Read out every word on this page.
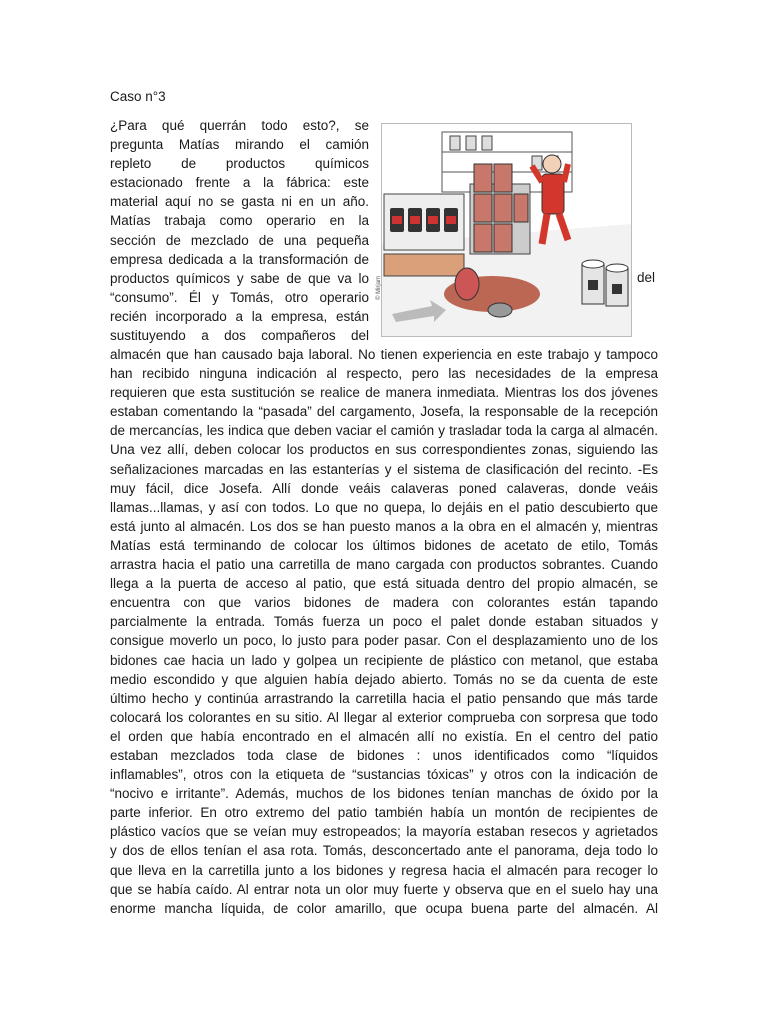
Caso n°3
¿Para qué querrán todo esto?, se
pregunta Matías mirando el camión
repleto de productos químicos
estacionado frente a la fábrica: este
material aquí no se gasta ni en un año.
Matías trabaja como operario en la
sección de mezclado de una pequeña
empresa dedicada a la transformación de
productos químicos y sabe de que va lo
“consumo”. Él y Tomás, otro operario
recién incorporado a la empresa, están
sustituyendo a dos compañeros del
del
© Mirjam
almacén que han causado baja laboral. No tienen experiencia en este trabajo y tampoco
han recibido ninguna indicación al respecto, pero las necesidades de la empresa
requieren que esta sustitución se realice de manera inmediata. Mientras los dos jóvenes
estaban comentando la “pasada” del cargamento, Josefa, la responsable de la recepción
de mercancías, les indica que deben vaciar el camión y trasladar toda la carga al almacén.
Una vez allí, deben colocar los productos en sus correspondientes zonas, siguiendo las
señalizaciones marcadas en las estanterías y el sistema de clasificación del recinto. -Es
muy fácil, dice Josefa. Allí donde veáis calaveras poned calaveras, donde veáis
llamas...llamas, y así con todos. Lo que no quepa, lo dejáis en el patio descubierto que
está junto al almacén. Los dos se han puesto manos a la obra en el almacén y, mientras
Matías está terminando de colocar los últimos bidones de acetato de etilo, Tomás
arrastra hacia el patio una carretilla de mano cargada con productos sobrantes. Cuando
llega a la puerta de acceso al patio, que está situada dentro del propio almacén, se
encuentra con que varios bidones de madera con colorantes están tapando
parcialmente la entrada. Tomás fuerza un poco el palet donde estaban situados y
consigue moverlo un poco, lo justo para poder pasar. Con el desplazamiento uno de los
bidones cae hacia un lado y golpea un recipiente de plástico con metanol, que estaba
medio escondido y que alguien había dejado abierto. Tomás no se da cuenta de este
último hecho y continúa arrastrando la carretilla hacia el patio pensando que más tarde
colocará los colorantes en su sitio. Al llegar al exterior comprueba con sorpresa que todo
el orden que había encontrado en el almacén allí no existía. En el centro del patio
estaban mezclados toda clase de bidones : unos identificados como “líquidos
inflamables”, otros con la etiqueta de “sustancias tóxicas” y otros con la indicación de
“nocivo e irritante”. Además, muchos de los bidones tenían manchas de óxido por la
parte inferior. En otro extremo del patio también había un montón de recipientes de
plástico vacíos que se veían muy estropeados; la mayoría estaban resecos y agrietados
y dos de ellos tenían el asa rota. Tomás, desconcertado ante el panorama, deja todo lo
que lleva en la carretilla junto a los bidones y regresa hacia el almacén para recoger lo
que se había caído. Al entrar nota un olor muy fuerte y observa que en el suelo hay una
enorme mancha líquida, de color amarillo, que ocupa buena parte del almacén. Al
